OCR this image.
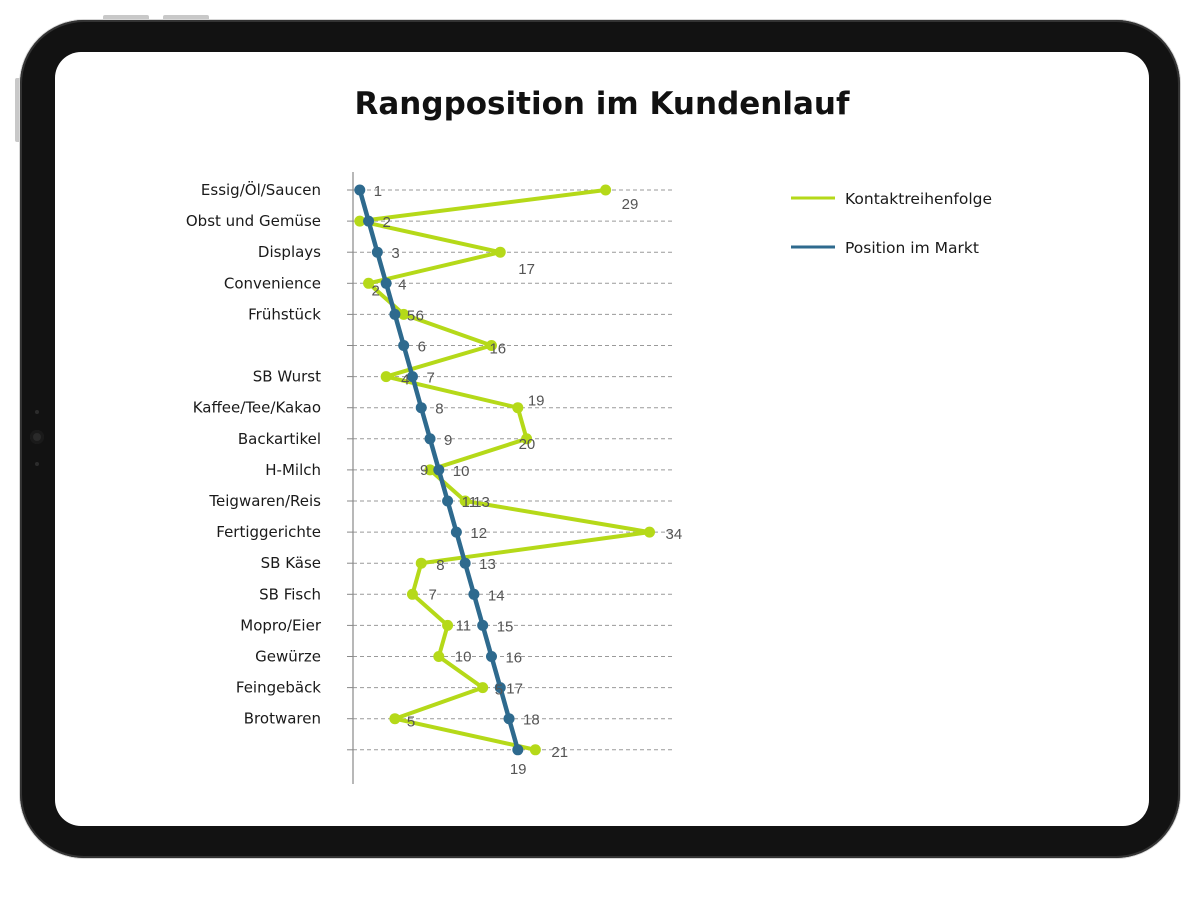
Rangposition im Kundenlauf
Essig/Öl/Saucen
Obst und Gemüse
Displays
Convenience
Frühstück
SB Wurst
Kaffee/Tee/Kakao
Backartikel
H-Milch
Teigwaren/Reis
Fertiggerichte
SB Käse
SB Fisch
Mopro/Eier
Gewürze
Feingebäck
Brotwaren
29
17
2
6
16
4
19
20
9
13
34
8
7
11
10
5
5
21
1
2
3
4
5
6
7
8
9
10
11
12
13
14
15
16
17
18
19
Kontaktreihenfolge
Position im Markt
